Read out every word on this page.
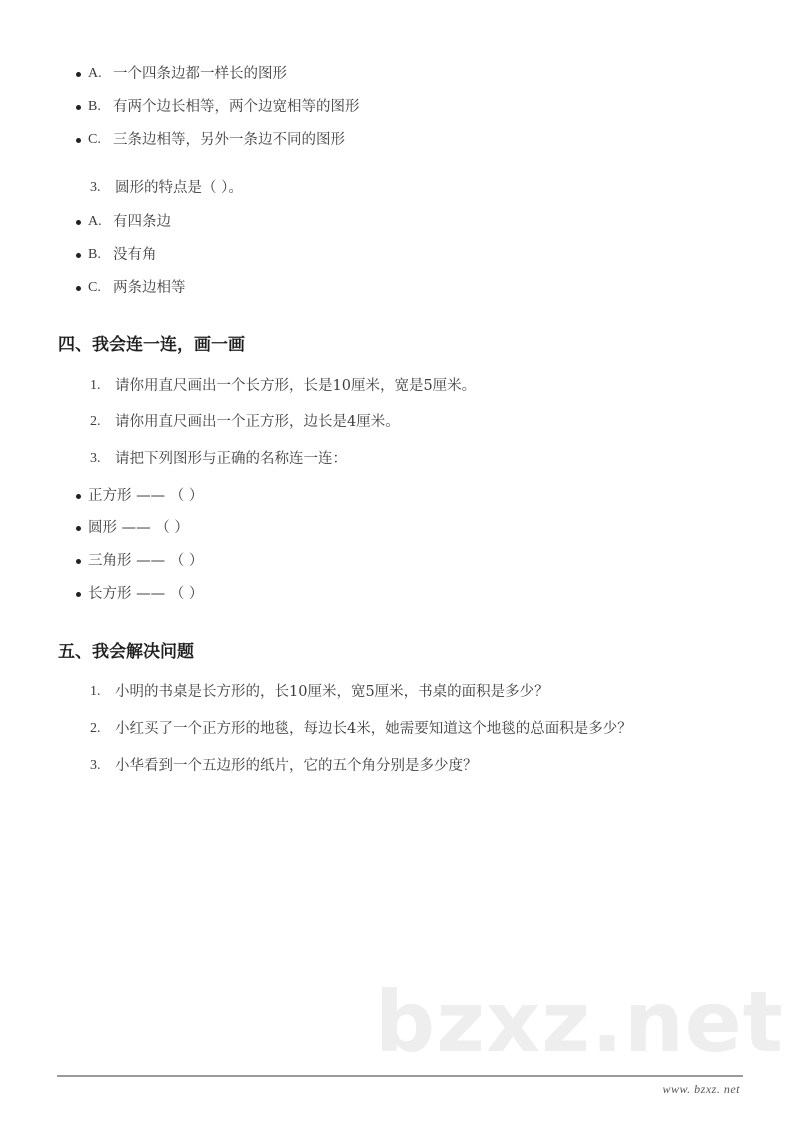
A. 一个四条边都一样长的图形
B. 有两个边长相等，两个边宽相等的图形
C. 三条边相等，另外一条边不同的图形
3. 圆形的特点是（ ）。
A. 有四条边
B. 没有角
C. 两条边相等
四、我会连一连，画一画
1. 请你用直尺画出一个长方形，长是10厘米，宽是5厘米。
2. 请你用直尺画出一个正方形，边长是4厘米。
3. 请把下列图形与正确的名称连一连：
正方形 —— （ ）
圆形 —— （ ）
三角形 —— （ ）
长方形 —— （ ）
五、我会解决问题
1. 小明的书桌是长方形的，长10厘米，宽5厘米，书桌的面积是多少？
2. 小红买了一个正方形的地毯，每边长4米，她需要知道这个地毯的总面积是多少？
3. 小华看到一个五边形的纸片，它的五个角分别是多少度？
bzxz.net
www. bzxz. net
